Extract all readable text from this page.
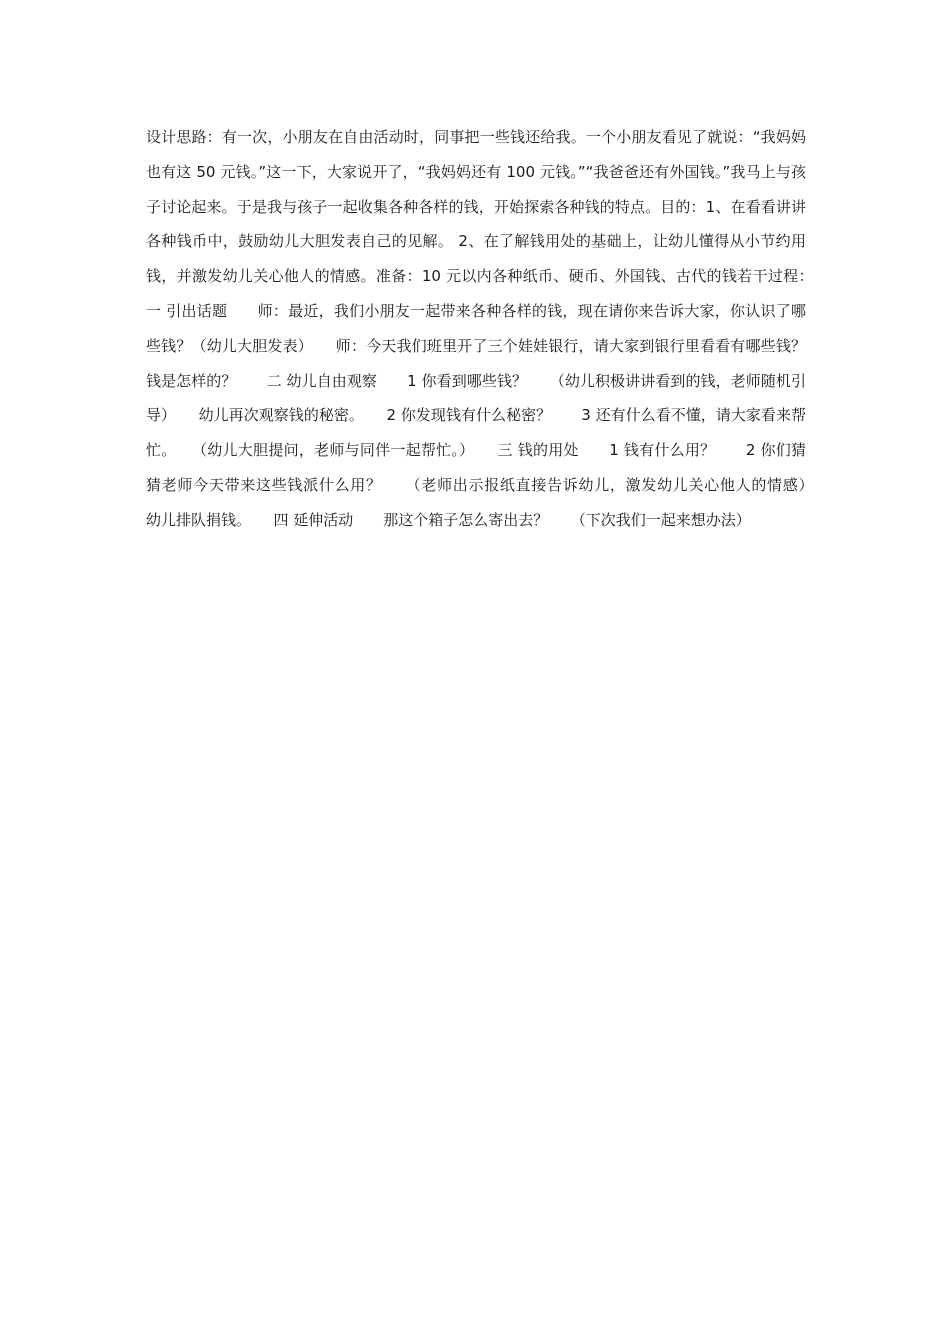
设计思路：有一次，小朋友在自由活动时，同事把一些钱还给我。一个小朋友看见了就说：“我妈妈也有这 50 元钱。”这一下，大家说开了，“我妈妈还有 100 元钱。”“我爸爸还有外国钱。”我马上与孩子讨论起来。于是我与孩子一起收集各种各样的钱，开始探索各种钱的特点。目的：1、在看看讲讲各种钱币中，鼓励幼儿大胆发表自己的见解。 2、在了解钱用处的基础上，让幼儿懂得从小节约用钱，并激发幼儿关心他人的情感。准备：10 元以内各种纸币、硬币、外国钱、古代的钱若干过程：　　一 引出话题　　师：最近，我们小朋友一起带来各种各样的钱，现在请你来告诉大家，你认识了哪些钱？（幼儿大胆发表）　　师：今天我们班里开了三个娃娃银行，请大家到银行里看看有哪些钱？钱是怎样的？　　二 幼儿自由观察　　1 你看到哪些钱？　　（幼儿积极讲讲看到的钱，老师随机引导）　　幼儿再次观察钱的秘密。　　2 你发现钱有什么秘密？　　3 还有什么看不懂，请大家看来帮忙。　　（幼儿大胆提问，老师与同伴一起帮忙。）　　三 钱的用处　　1 钱有什么用？　　2 你们猜猜老师今天带来这些钱派什么用？　　（老师出示报纸直接告诉幼儿，激发幼儿关心他人的情感）　　幼儿排队捐钱。　　四 延伸活动　　那这个箱子怎么寄出去？　　（下次我们一起来想办法）
